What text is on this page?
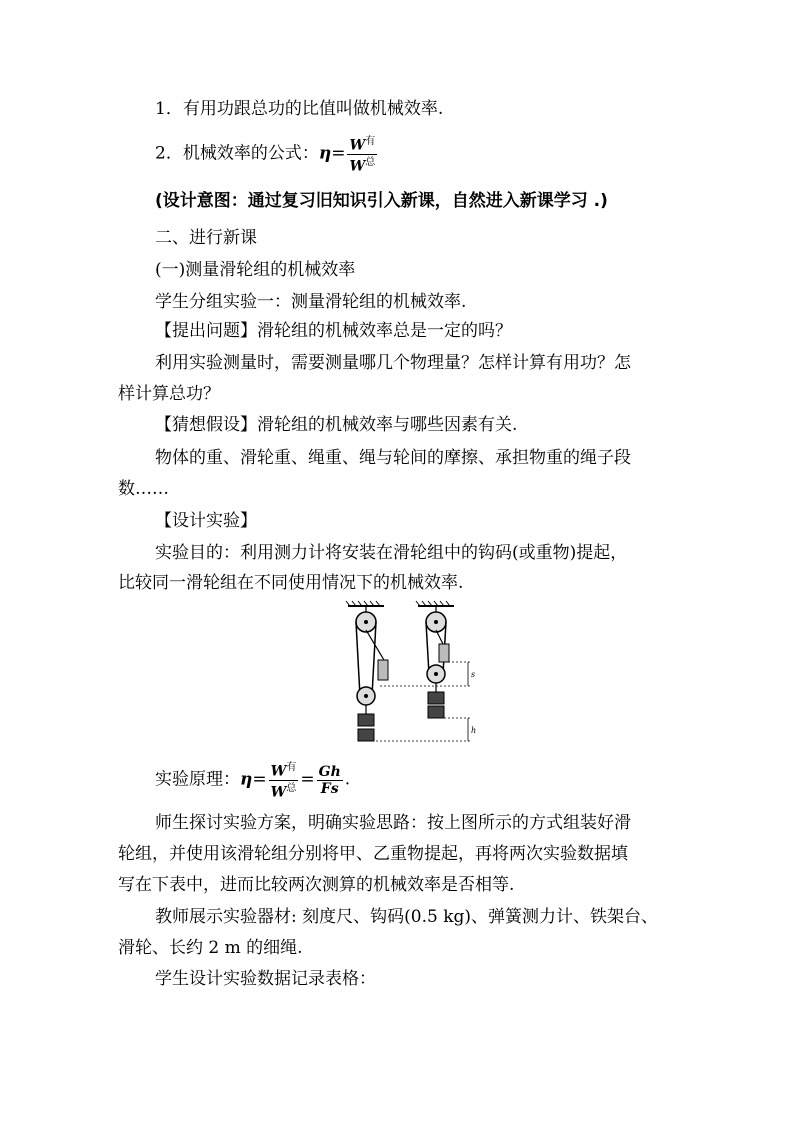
1．有用功跟总功的比值叫做机械效率.
2．机械效率的公式：$\eta= \frac{W^有}{W^总}$
(设计意图：通过复习旧知识引入新课，自然进入新课学习 .)
二、进行新课
(一)测量滑轮组的机械效率
学生分组实验一：测量滑轮组的机械效率.
【提出问题】滑轮组的机械效率总是一定的吗？
利用实验测量时，需要测量哪几个物理量？怎样计算有用功？怎
样计算总功？
【猜想假设】滑轮组的机械效率与哪些因素有关.
物体的重、滑轮重、绳重、绳与轮间的摩擦、承担物重的绳子段
数……
【设计实验】
实验目的：利用测力计将安装在滑轮组中的钩码(或重物)提起，
比较同一滑轮组在不同使用情况下的机械效率.
s
h
实验原理：$\eta= \frac{W^有}{W^总} = \frac{Gh}{Fs}$ .
师生探讨实验方案，明确实验思路：按上图所示的方式组装好滑
轮组，并使用该滑轮组分别将甲、乙重物提起，再将两次实验数据填
写在下表中，进而比较两次测算的机械效率是否相等.
教师展示实验器材: 刻度尺、钩码(0.5 kg)、弹簧测力计、铁架台、
滑轮、长约 2 m 的细绳.
学生设计实验数据记录表格：
